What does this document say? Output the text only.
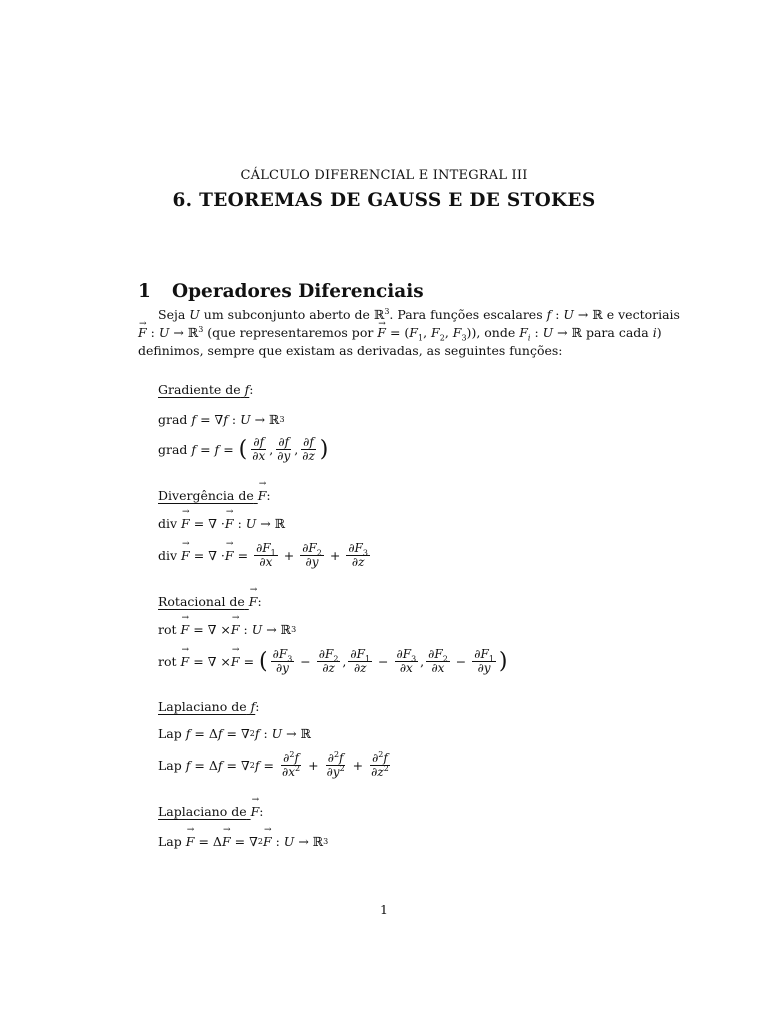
CÁLCULO DIFERENCIAL E INTEGRAL III
6. TEOREMAS DE GAUSS E DE STOKES
1 Operadores Diferenciais
Seja U um subconjunto aberto de ℝ$^3$. Para funções escalares f : U → ℝ e vectoriais
→ F : U → ℝ$^3$ (que representaremos por → $F = (F_1$, $F_2$, $F_3$)), onde $F_i$ : U → ℝ para cada i)
definimos, sempre que existam as derivadas, as seguintes funções:
Gradiente de f:
grad
f = ∇ f : U → ℝ 3
grad
f = f = ( $\frac{\partial f}{\partial x}$ , $\frac{\partial f}{\partial y}$ , $\frac{\partial f}{\partial z}$ )
Divergência de → F:
div
→ F = ∇ · → F : U → ℝ
div
→ F = ∇ · → $F = \frac{\partial F_1}{\partial x} + \frac{\partial F_2}{\partial y} + \frac{\partial F_3}{\partial z}$
Rotacional de → F:
rot
→ F = ∇ × → F : U → ℝ 3
rot
→ F = ∇ × → F = ( $\frac{\partial F_3}{\partial y} - \frac{\partial F_2}{\partial z}$ , $\frac{\partial F_1}{\partial z} - \frac{\partial F_3}{\partial x}$ , $\frac{\partial F_2}{\partial x} - \frac{\partial F_1}{\partial y}$ )
Laplaciano de f:
Lap
f = Δ f = ∇ 2 f : U → ℝ
Lap
f = Δ f = ∇ 2 $f = \frac{\partial^2f}{\partial x^2} + \frac{\partial^2f}{\partial y^2} + \frac{\partial^2f}{\partial z^2}$
Laplaciano de → F:
Lap
→ F = Δ → F = ∇ 2 → F : U → ℝ 3
1
